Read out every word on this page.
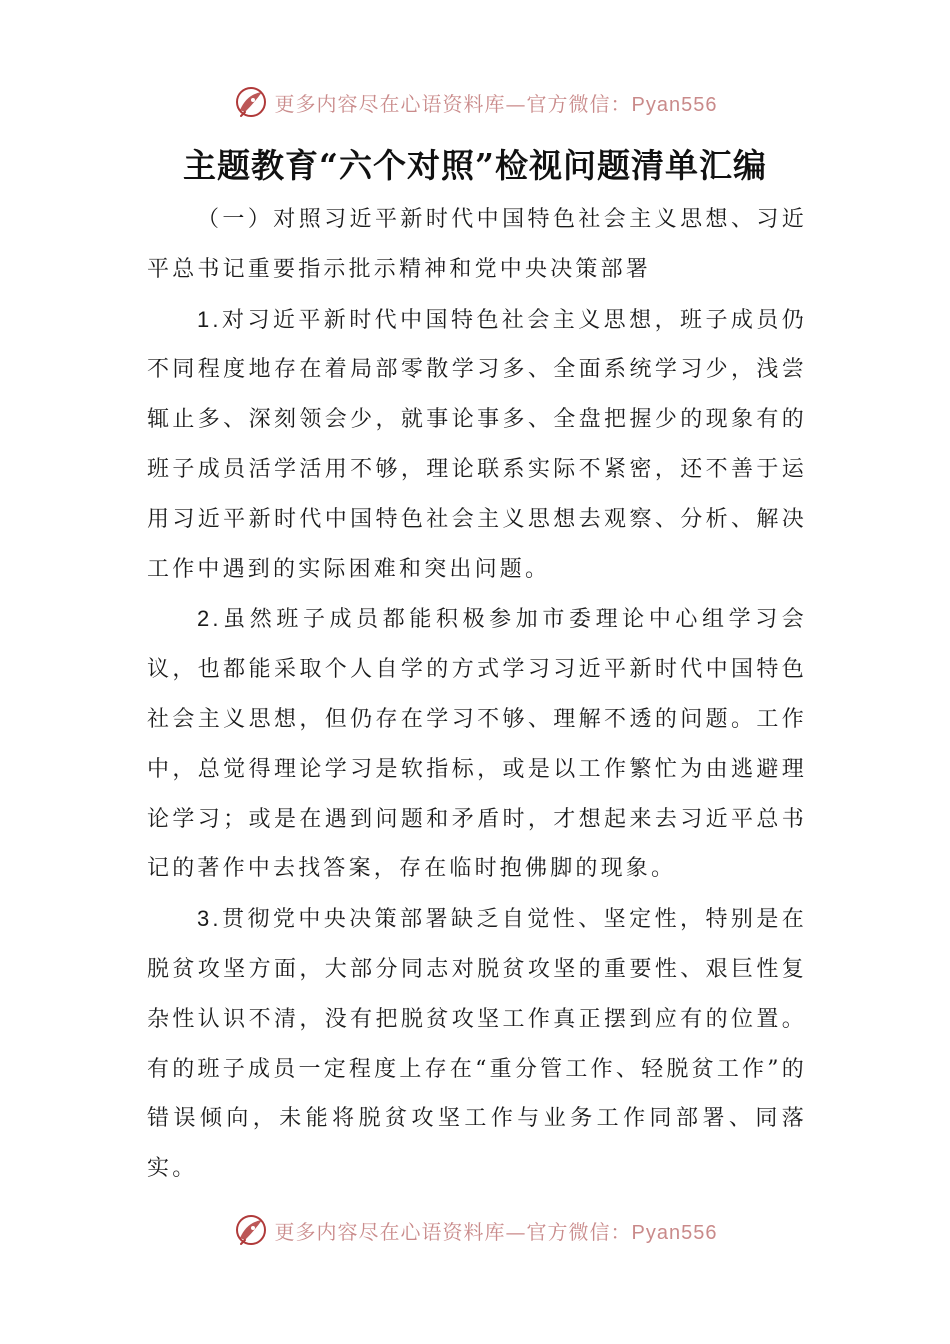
更多内容尽在心语资料库—官方微信：Pyan556
主题教育“六个对照”检视问题清单汇编

（一）对照习近平新时代中国特色社会主义思想、习近平总书记重要指示批示精神和党中央决策部署

1.对习近平新时代中国特色社会主义思想，班子成员仍不同程度地存在着局部零散学习多、全面系统学习少，浅尝辄止多、深刻领会少，就事论事多、全盘把握少的现象有的班子成员活学活用不够，理论联系实际不紧密，还不善于运用习近平新时代中国特色社会主义思想去观察、分析、解决工作中遇到的实际困难和突出问题。

2.虽然班子成员都能积极参加市委理论中心组学习会议，也都能采取个人自学的方式学习习近平新时代中国特色社会主义思想，但仍存在学习不够、理解不透的问题。工作中，总觉得理论学习是软指标，或是以工作繁忙为由逃避理论学习；或是在遇到问题和矛盾时，才想起来去习近平总书记的著作中去找答案，存在临时抱佛脚的现象。

3.贯彻党中央决策部署缺乏自觉性、坚定性，特别是在脱贫攻坚方面，大部分同志对脱贫攻坚的重要性、艰巨性复杂性认识不清，没有把脱贫攻坚工作真正摆到应有的位置。有的班子成员一定程度上存在“重分管工作、轻脱贫工作”的错误倾向，未能将脱贫攻坚工作与业务工作同部署、同落实。

更多内容尽在心语资料库—官方微信：Pyan556
